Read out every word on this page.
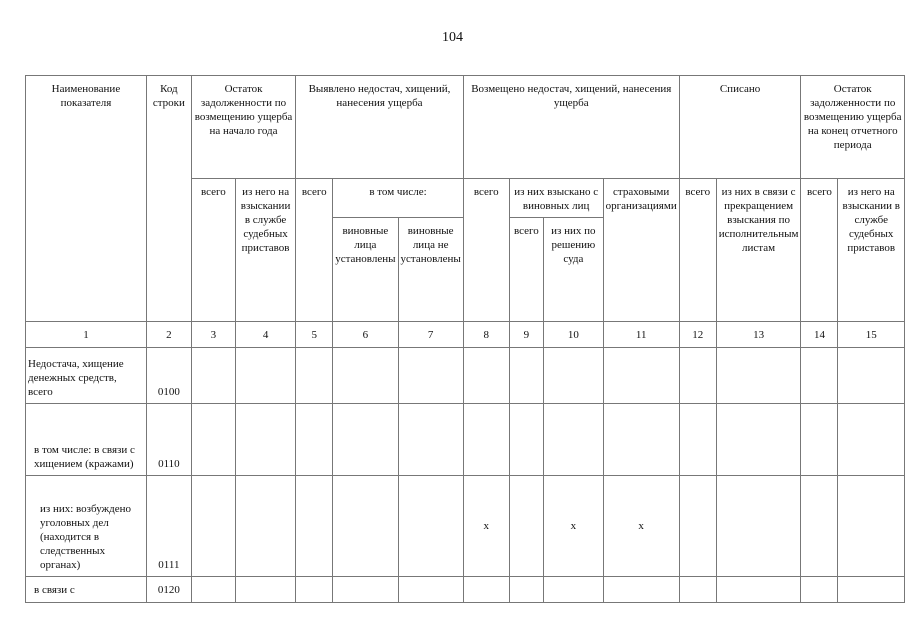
104
Наименование показателя	Код строки	Остаток задолженности по возмещению ущерба на начало года		Выявлено недостач, хищений, нанесения ущерба			Возмещено недостач, хищений, нанесения ущерба				Списано		Остаток задолженности по возмещению ущерба на конец отчетного периода	
		всего	из него на взыскании в службе судебных приставов	всего	в том числе:		всего	из них взыскано с виновных лиц		страховыми организациями	всего	из них в связи с прекращением взыскания по исполнительным листам	всего	из него на взыскании в службе судебных приставов
					виновные лица установлены	виновные лица не установлены		всего	из них по решению суда					
1	2	3	4	5	6	7	8	9	10	11	12	13	14	15
Недостача, хищение денежных средств, всего	0100													
в том числе: в связи с хищением (кражами)	0110													
из них: возбуждено уголовных дел (находится в следственных органах)	0111						x		x	x				
в связи с	0120													
